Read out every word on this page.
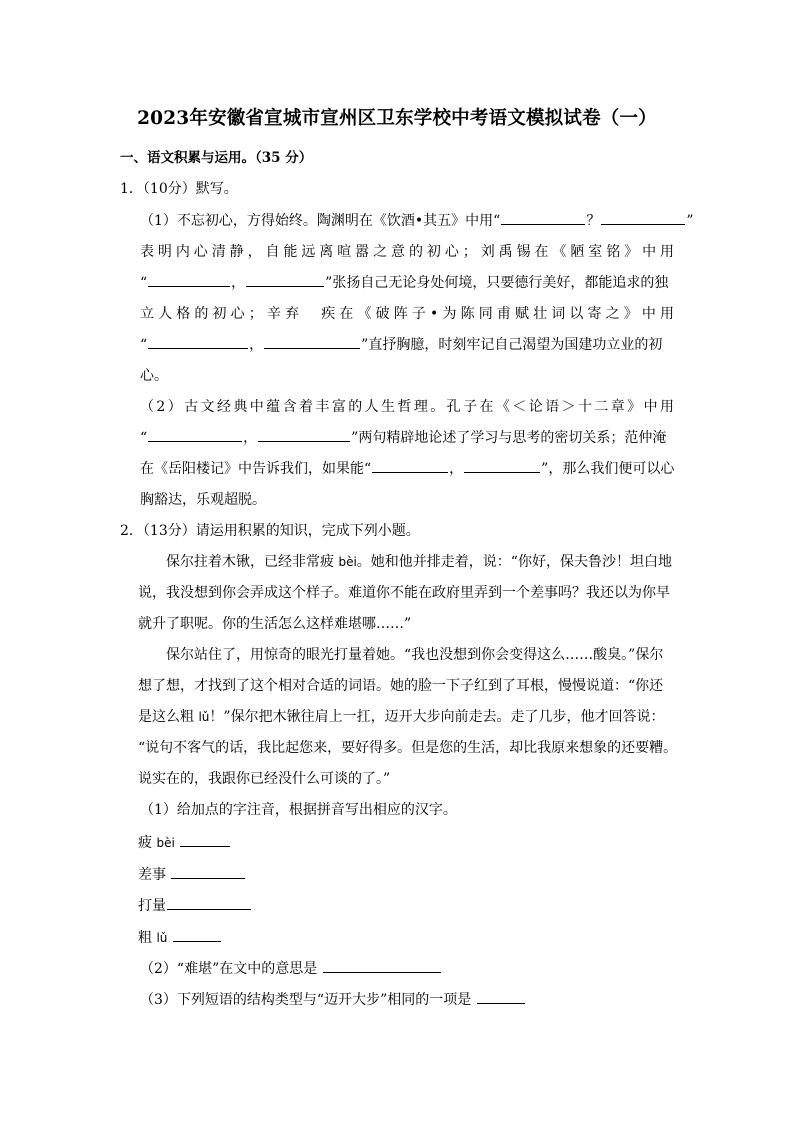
2023年安徽省宣城市宣州区卫东学校中考语文模拟试卷（一）
一、语文积累与运用。（35 分）
1．（10分）默写。
（1）不忘初心，方得始终。陶渊明在《饮酒•其五》中用“	？	”
表明内心清静，自能远离喧嚣之意的初心；刘禹锡在《陋室铭》中用
“	，	”张扬自己无论身处何境，只要德行美好，都能追求的独
立人格的初心；辛弃　疾在《破阵子•为陈同甫赋壮词以寄之》中用
“	，	”直抒胸臆，时刻牢记自己渴望为国建功立业的初
心。
（2）古文经典中蕴含着丰富的人生哲理。孔子在《＜论语＞十二章》中用
“	，	”两句精辟地论述了学习与思考的密切关系；范仲淹
在《岳阳楼记》中告诉我们，如果能“	，	”，那么我们便可以心
胸豁达，乐观超脱。
2．（13分）请运用积累的知识，完成下列小题。
保尔拄着木锹，已经非常疲 bèi。她和他并排走着，说：“你好，保夫鲁沙！坦白地
说，我没想到你会弄成这个样子。难道你不能在政府里弄到一个差事吗？我还以为你早
就升了职呢。你的生活怎么这样难堪哪……”
保尔站住了，用惊奇的眼光打量着她。“我也没想到你会变得这么……酸臭。”保尔
想了想，才找到了这个相对合适的词语。她的脸一下子红到了耳根，慢慢说道：“你还
是这么粗 lǔ！”保尔把木锹往肩上一扛，迈开大步向前走去。走了几步，他才回答说：
“说句不客气的话，我比起您来，要好得多。但是您的生活，却比我原来想象的还要糟。
说实在的，我跟你已经没什么可谈的了。”
（1）给加点的字注音，根据拼音写出相应的汉字。
疲 bèi
差事
打量
粗 lǔ
（2）“难堪”在文中的意思是
（3）下列短语的结构类型与“迈开大步”相同的一项是
